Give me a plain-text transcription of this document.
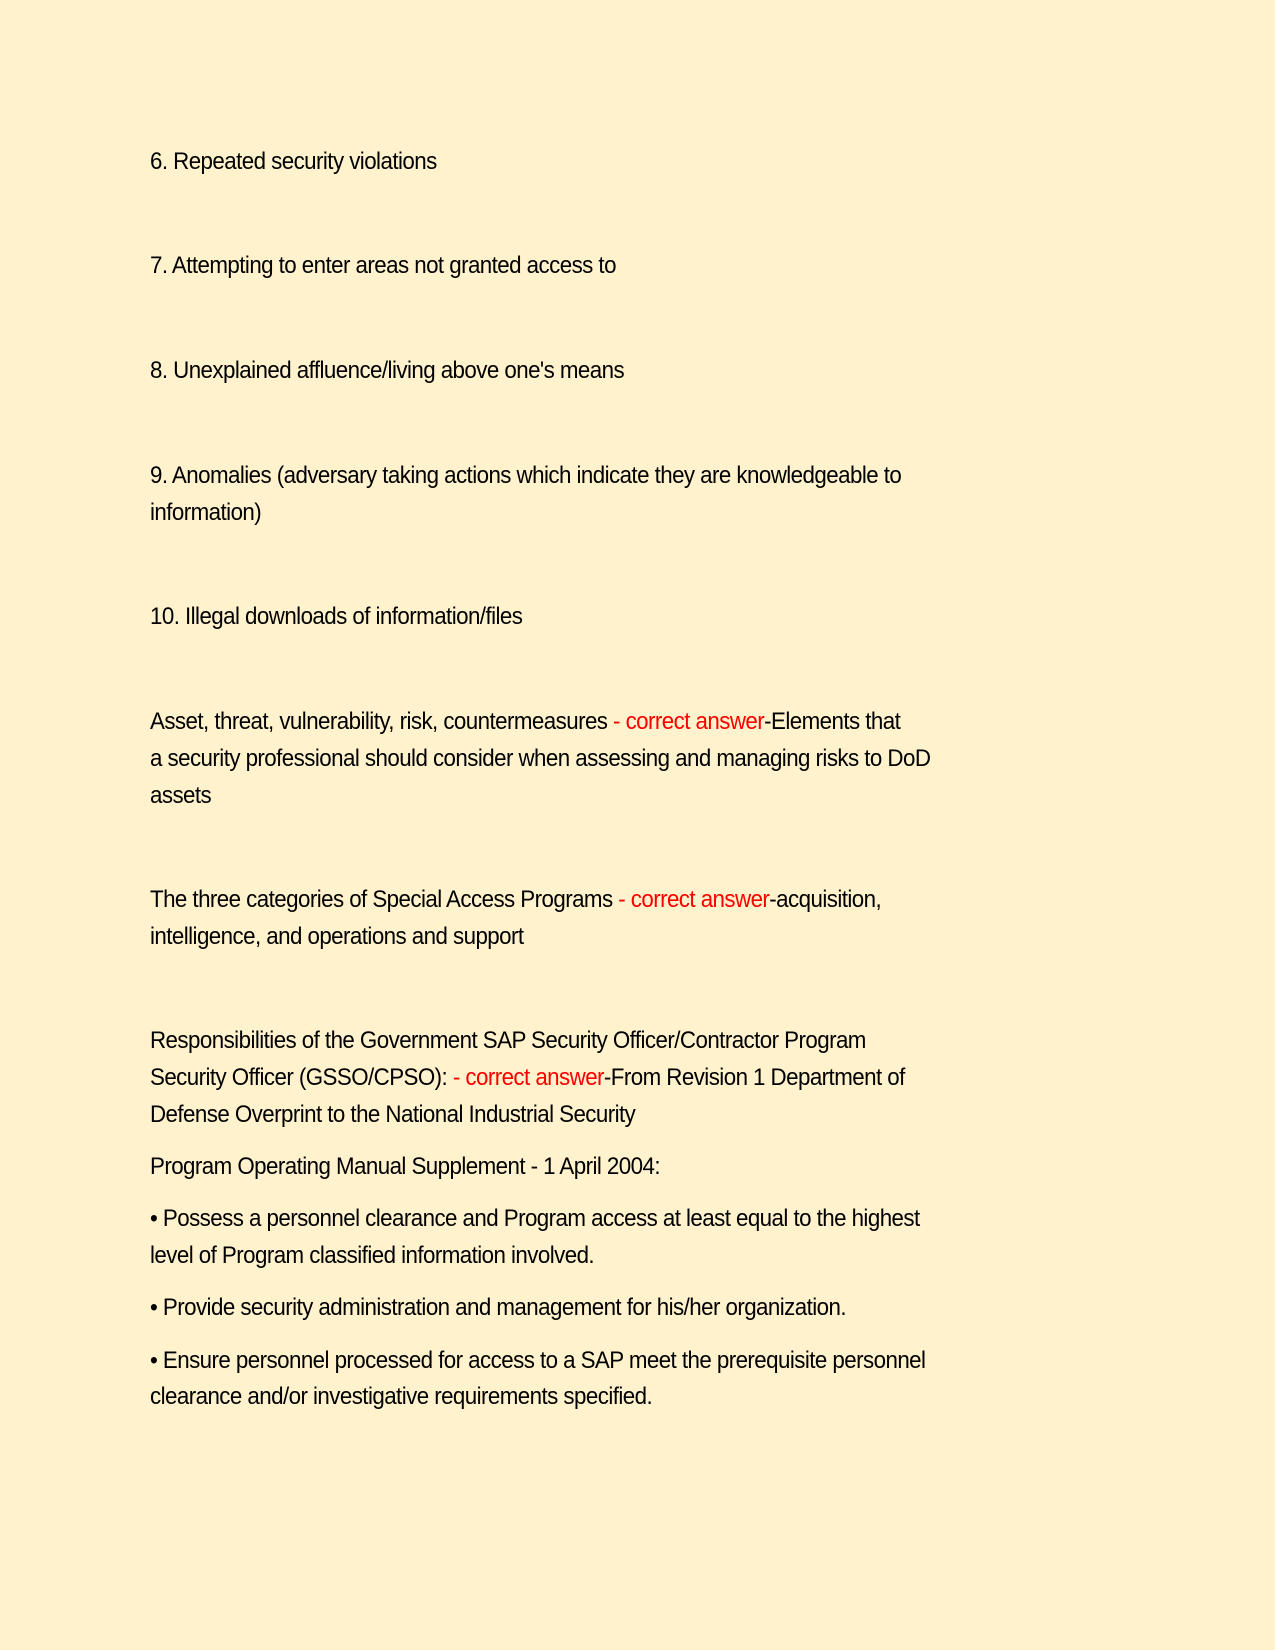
6. Repeated security violations
7. Attempting to enter areas not granted access to
8. Unexplained affluence/living above one's means
9. Anomalies (adversary taking actions which indicate they are knowledgeable to
information)
10. Illegal downloads of information/files
Asset, threat, vulnerability, risk, countermeasures - correct answer-Elements that
a security professional should consider when assessing and managing risks to DoD
assets
The three categories of Special Access Programs - correct answer-acquisition,
intelligence, and operations and support
Responsibilities of the Government SAP Security Officer/Contractor Program
Security Officer (GSSO/CPSO): - correct answer-From Revision 1 Department of
Defense Overprint to the National Industrial Security
Program Operating Manual Supplement - 1 April 2004:
• Possess a personnel clearance and Program access at least equal to the highest
level of Program classified information involved.
• Provide security administration and management for his/her organization.
• Ensure personnel processed for access to a SAP meet the prerequisite personnel
clearance and/or investigative requirements specified.
